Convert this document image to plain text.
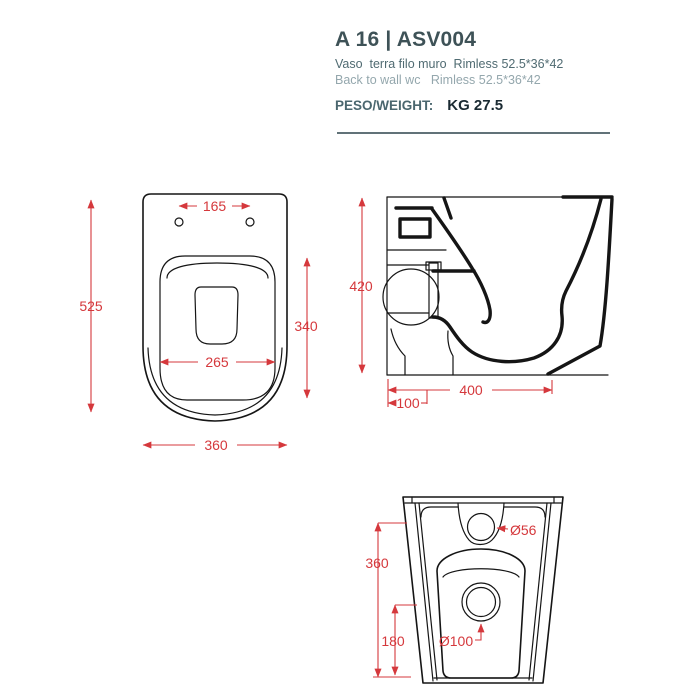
A 16 | ASV004
Vaso  terra filo muro  Rimless 52.5*36*42
Back to wall wc   Rimless 52.5*36*42
PESO/WEIGHT: KG 27.5
165
525
340
265
360
420
400
100
360
180
Ø56
Ø100
